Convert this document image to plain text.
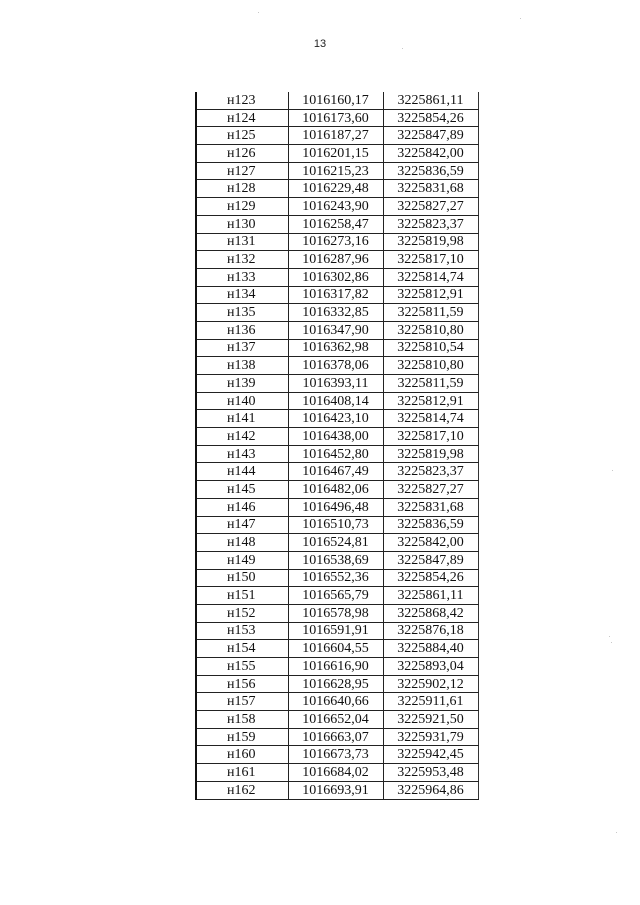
13
н123	1016160,17	3225861,11
н124	1016173,60	3225854,26
н125	1016187,27	3225847,89
н126	1016201,15	3225842,00
н127	1016215,23	3225836,59
н128	1016229,48	3225831,68
н129	1016243,90	3225827,27
н130	1016258,47	3225823,37
н131	1016273,16	3225819,98
н132	1016287,96	3225817,10
н133	1016302,86	3225814,74
н134	1016317,82	3225812,91
н135	1016332,85	3225811,59
н136	1016347,90	3225810,80
н137	1016362,98	3225810,54
н138	1016378,06	3225810,80
н139	1016393,11	3225811,59
н140	1016408,14	3225812,91
н141	1016423,10	3225814,74
н142	1016438,00	3225817,10
н143	1016452,80	3225819,98
н144	1016467,49	3225823,37
н145	1016482,06	3225827,27
н146	1016496,48	3225831,68
н147	1016510,73	3225836,59
н148	1016524,81	3225842,00
н149	1016538,69	3225847,89
н150	1016552,36	3225854,26
н151	1016565,79	3225861,11
н152	1016578,98	3225868,42
н153	1016591,91	3225876,18
н154	1016604,55	3225884,40
н155	1016616,90	3225893,04
н156	1016628,95	3225902,12
н157	1016640,66	3225911,61
н158	1016652,04	3225921,50
н159	1016663,07	3225931,79
н160	1016673,73	3225942,45
н161	1016684,02	3225953,48
н162	1016693,91	3225964,86
